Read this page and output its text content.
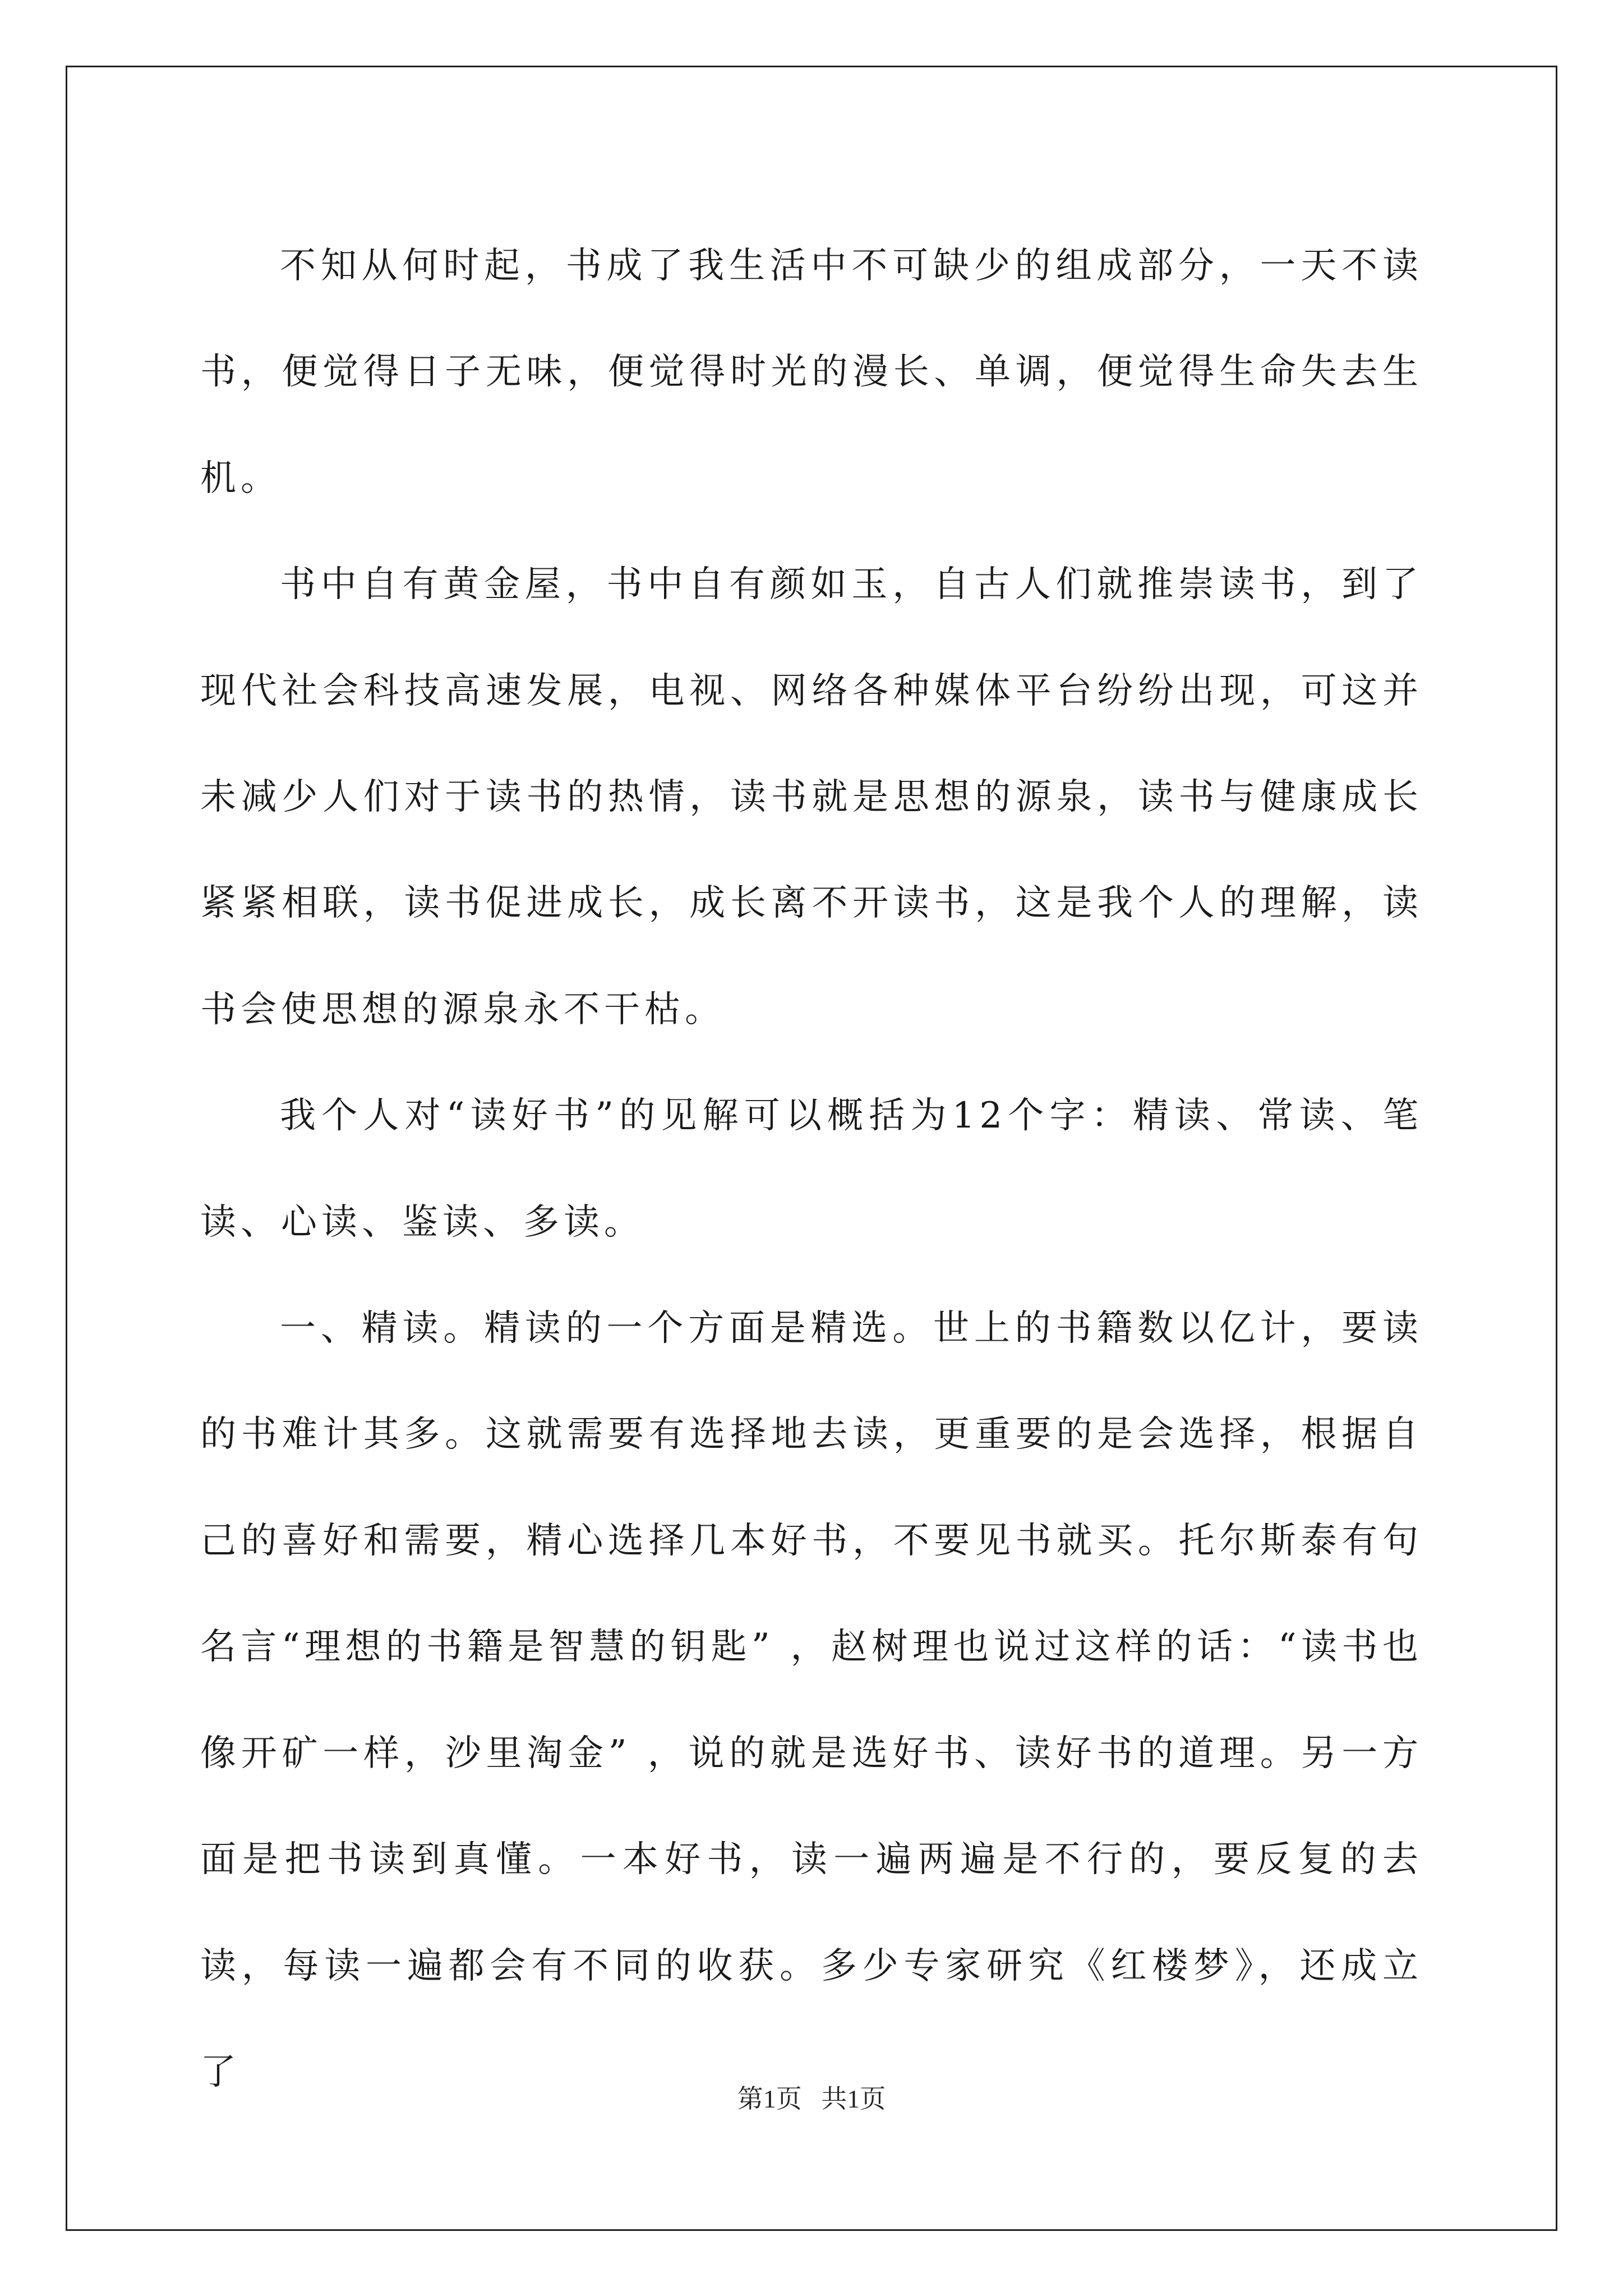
不知从何时起，书成了我生活中不可缺少的组成部分，一天不读书，便觉得日子无味，便觉得时光的漫长、单调，便觉得生命失去生机。

书中自有黄金屋，书中自有颜如玉，自古人们就推崇读书，到了现代社会科技高速发展，电视、网络各种媒体平台纷纷出现，可这并未减少人们对于读书的热情，读书就是思想的源泉，读书与健康成长紧紧相联，读书促进成长，成长离不开读书，这是我个人的理解，读书会使思想的源泉永不干枯。

我个人对“读好书”的见解可以概括为12个字：精读、常读、笔读、心读、鉴读、多读。

一、精读。精读的一个方面是精选。世上的书籍数以亿计，要读的书难计其多。这就需要有选择地去读，更重要的是会选择，根据自己的喜好和需要，精心选择几本好书，不要见书就买。托尔斯泰有句名言“理想的书籍是智慧的钥匙” ，赵树理也说过这样的话：“读书也像开矿一样，沙里淘金” ，说的就是选好书、读好书的道理。另一方面是把书读到真懂。一本好书，读一遍两遍是不行的，要反复的去读，每读一遍都会有不同的收获。多少专家研究《红楼梦》，还成立了

第1页 共1页
